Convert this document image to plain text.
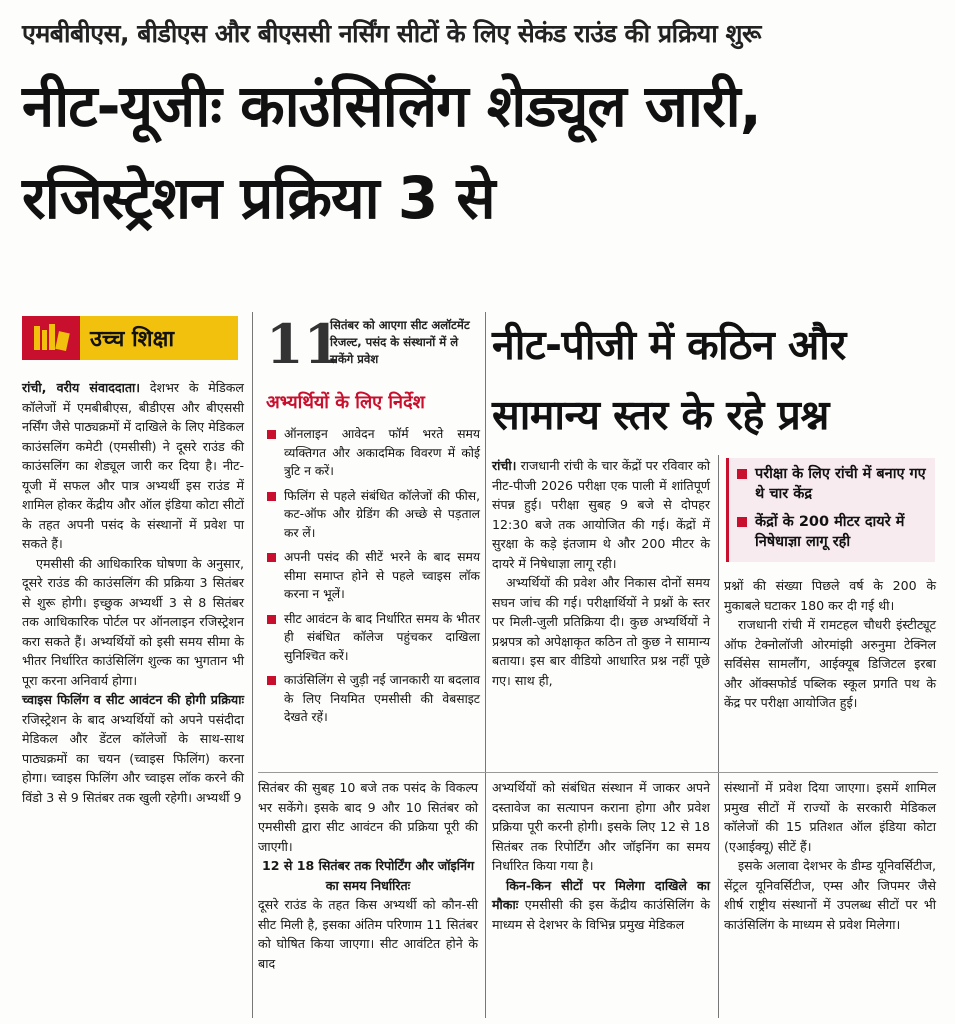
एमबीबीएस, बीडीएस और बीएससी नर्सिंग सीटों के लिए सेकंड राउंड की प्रक्रिया शुरू
नीट-यूजीः काउंसिलिंग शेड्यूल जारी, रजिस्ट्रेशन प्रक्रिया 3 से
उच्च शिक्षा

रांची, वरीय संवाददाता। देशभर के मेडिकल कॉलेजों में एमबीबीएस, बीडीएस और बीएससी नर्सिंग जैसे पाठ्यक्रमों में दाखिले के लिए मेडिकल काउंसलिंग कमेटी (एमसीसी) ने दूसरे राउंड की काउंसलिंग का शेड्यूल जारी कर दिया है। नीट-यूजी में सफल और पात्र अभ्यर्थी इस राउंड में शामिल होकर केंद्रीय और ऑल इंडिया कोटा सीटों के तहत अपनी पसंद के संस्थानों में प्रवेश पा सकते हैं।

एमसीसी की आधिकारिक घोषणा के अनुसार, दूसरे राउंड की काउंसलिंग की प्रक्रिया 3 सितंबर से शुरू होगी। इच्छुक अभ्यर्थी 3 से 8 सितंबर तक आधिकारिक पोर्टल पर ऑनलाइन रजिस्ट्रेशन करा सकते हैं। अभ्यर्थियों को इसी समय सीमा के भीतर निर्धारित काउंसिलिंग शुल्क का भुगतान भी पूरा करना अनिवार्य होगा।

च्वाइस फिलिंग व सीट आवंटन की होगी प्रक्रियाः रजिस्ट्रेशन के बाद अभ्यर्थियों को अपने पसंदीदा मेडिकल और डेंटल कॉलेजों के साथ-साथ पाठ्यक्रमों का चयन (च्वाइस फिलिंग) करना होगा। च्वाइस फिलिंग और च्वाइस लॉक करने की विंडो 3 से 9 सितंबर तक खुली रहेगी। अभ्यर्थी 9

11
सितंबर को आएगा सीट अलॉटमेंट रिजल्ट, पसंद के संस्थानों में ले सकेंगे प्रवेश
अभ्यर्थियों के लिए निर्देश
ऑनलाइन आवेदन फॉर्म भरते समय व्यक्तिगत और अकादमिक विवरण में कोई त्रुटि न करें।
फिलिंग से पहले संबंधित कॉलेजों की फीस, कट-ऑफ और ग्रेडिंग की अच्छे से पड़ताल कर लें।
अपनी पसंद की सीटें भरने के बाद समय सीमा समाप्त होने से पहले च्वाइस लॉक करना न भूलें।
सीट आवंटन के बाद निर्धारित समय के भीतर ही संबंधित कॉलेज पहुंचकर दाखिला सुनिश्चित करें।
काउंसिलिंग से जुड़ी नई जानकारी या बदलाव के लिए नियमित एमसीसी की वेबसाइट देखते रहें।
नीट-पीजी में कठिन और सामान्य स्तर के रहे प्रश्न

रांची। राजधानी रांची के चार केंद्रों पर रविवार को नीट-पीजी 2026 परीक्षा एक पाली में शांतिपूर्ण संपन्न हुई। परीक्षा सुबह 9 बजे से दोपहर 12:30 बजे तक आयोजित की गई। केंद्रों में सुरक्षा के कड़े इंतजाम थे और 200 मीटर के दायरे में निषेधाज्ञा लागू रही।

अभ्यर्थियों की प्रवेश और निकास दोनों समय सघन जांच की गई। परीक्षार्थियों ने प्रश्नों के स्तर पर मिली-जुली प्रतिक्रिया दी। कुछ अभ्यर्थियों ने प्रश्नपत्र को अपेक्षाकृत कठिन तो कुछ ने सामान्य बताया। इस बार वीडियो आधारित प्रश्न नहीं पूछे गए। साथ ही,

परीक्षा के लिए रांची में बनाए गए थे चार केंद्र
केंद्रों के 200 मीटर दायरे में निषेधाज्ञा लागू रही

प्रश्नों की संख्या पिछले वर्ष के 200 के मुकाबले घटाकर 180 कर दी गई थी।

राजधानी रांची में रामटहल चौधरी इंस्टीट्यूट ऑफ टेक्नोलॉजी ओरमांझी अरुनुमा टेक्निल सर्विसेस सामलौंग, आईक्यूब डिजिटल इरबा और ऑक्सफोर्ड पब्लिक स्कूल प्रगति पथ के केंद्र पर परीक्षा आयोजित हुई।

सितंबर की सुबह 10 बजे तक पसंद के विकल्प भर सकेंगे। इसके बाद 9 और 10 सितंबर को एमसीसी द्वारा सीट आवंटन की प्रक्रिया पूरी की जाएगी।

12 से 18 सितंबर तक रिपोर्टिंग और जॉइनिंग का समय निर्धारितः

दूसरे राउंड के तहत किस अभ्यर्थी को कौन-सी सीट मिली है, इसका अंतिम परिणाम 11 सितंबर को घोषित किया जाएगा। सीट आवंटित होने के बाद

अभ्यर्थियों को संबंधित संस्थान में जाकर अपने दस्तावेज का सत्यापन कराना होगा और प्रवेश प्रक्रिया पूरी करनी होगी। इसके लिए 12 से 18 सितंबर तक रिपोर्टिंग और जॉइनिंग का समय निर्धारित किया गया है।

किन-किन सीटों पर मिलेगा दाखिले का मौकाः एमसीसी की इस केंद्रीय काउंसिलिंग के माध्यम से देशभर के विभिन्न प्रमुख मेडिकल

संस्थानों में प्रवेश दिया जाएगा। इसमें शामिल प्रमुख सीटों में राज्यों के सरकारी मेडिकल कॉलेजों की 15 प्रतिशत ऑल इंडिया कोटा (एआईक्यू) सीटें हैं।

इसके अलावा देशभर के डीम्ड यूनिवर्सिटीज, सेंट्रल यूनिवर्सिटीज, एम्स और जिपमर जैसे शीर्ष राष्ट्रीय संस्थानों में उपलब्ध सीटों पर भी काउंसिलिंग के माध्यम से प्रवेश मिलेगा।
